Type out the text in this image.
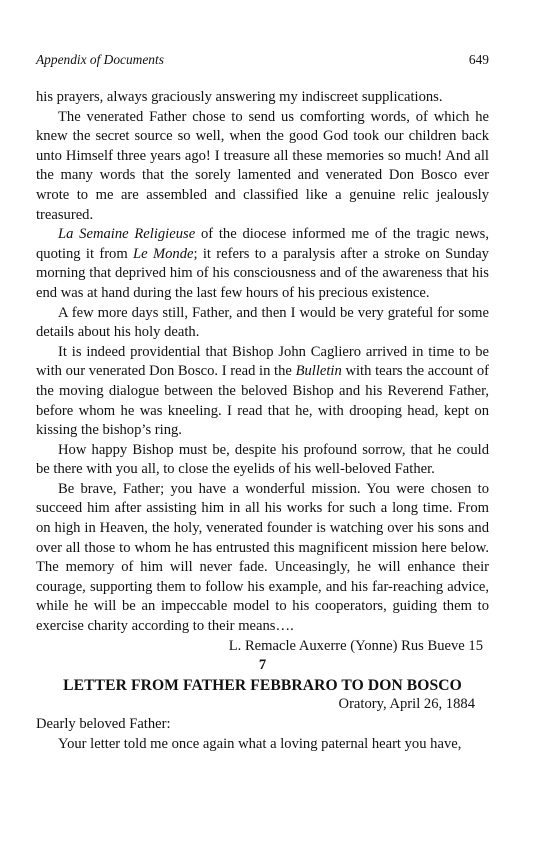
Appendix of Documents	649

his prayers, always graciously answering my indiscreet supplications.

The venerated Father chose to send us comforting words, of which he knew the secret source so well, when the good God took our children back unto Himself three years ago! I treasure all these memories so much! And all the many words that the sorely lamented and venerated Don Bosco ever wrote to me are assembled and classified like a genuine relic jealously treasured.

La Semaine Religieuse of the diocese informed me of the tragic news, quoting it from Le Monde; it refers to a paralysis after a stroke on Sunday morning that deprived him of his consciousness and of the awareness that his end was at hand during the last few hours of his precious existence.

A few more days still, Father, and then I would be very grateful for some details about his holy death.

It is indeed providential that Bishop John Cagliero arrived in time to be with our venerated Don Bosco. I read in the Bulletin with tears the account of the moving dialogue between the beloved Bishop and his Reverend Father, before whom he was kneeling. I read that he, with drooping head, kept on kissing the bishop’s ring.

How happy Bishop must be, despite his profound sorrow, that he could be there with you all, to close the eyelids of his well-beloved Father.

Be brave, Father; you have a wonderful mission. You were chosen to succeed him after assisting him in all his works for such a long time. From on high in Heaven, the holy, venerated founder is watching over his sons and over all those to whom he has entrusted this magnificent mission here below. The memory of him will never fade. Unceasingly, he will enhance their courage, supporting them to follow his example, and his far-reaching advice, while he will be an impeccable model to his cooperators, guiding them to exercise charity according to their means….

L. Remacle Auxerre (Yonne) Rus Bueve 15

7

LETTER FROM FATHER FEBBRARO TO DON BOSCO

Oratory, April 26, 1884

Dearly beloved Father:

Your letter told me once again what a loving paternal heart you have,
